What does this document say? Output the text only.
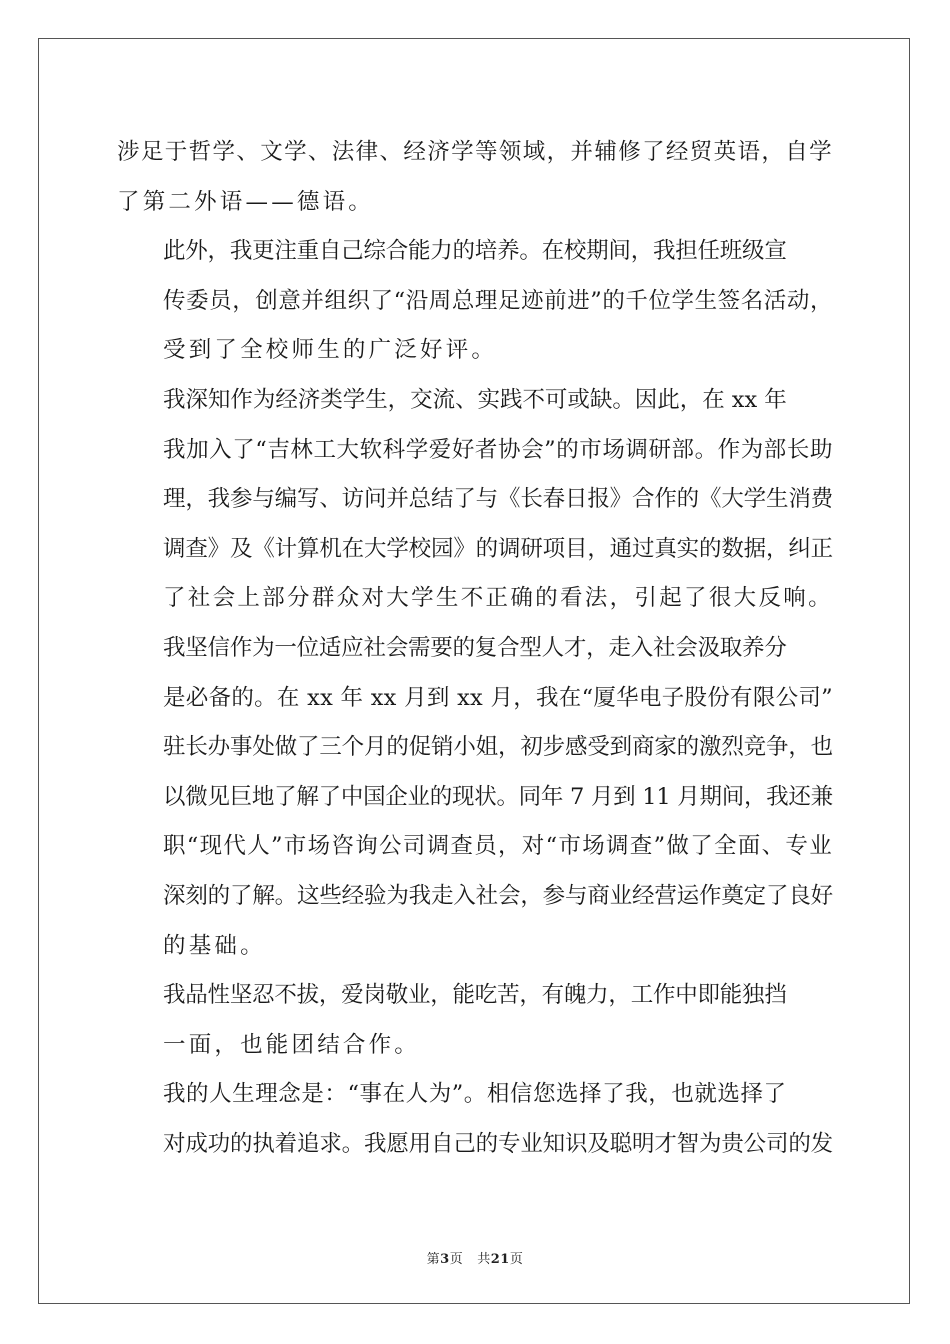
涉足于哲学、文学、法律、经济学等领域，并辅修了经贸英语，自学
了第二外语——德语。
此外，我更注重自己综合能力的培养。在校期间，我担任班级宣
传委员，创意并组织了“沿周总理足迹前进”的千位学生签名活动，
受到了全校师生的广泛好评。
我深知作为经济类学生，交流、实践不可或缺。因此，在 xx 年
我加入了“吉林工大软科学爱好者协会”的市场调研部。作为部长助
理，我参与编写、访问并总结了与《长春日报》合作的《大学生消费
调查》及《计算机在大学校园》的调研项目，通过真实的数据，纠正
了社会上部分群众对大学生不正确的看法，引起了很大反响。
我坚信作为一位适应社会需要的复合型人才，走入社会汲取养分
是必备的。在 xx 年 xx 月到 xx 月，我在“厦华电子股份有限公司”
驻长办事处做了三个月的促销小姐，初步感受到商家的激烈竞争，也
以微见巨地了解了中国企业的现状。同年 7 月到 11 月期间，我还兼
职“现代人”市场咨询公司调查员，对“市场调查”做了全面、专业
深刻的了解。这些经验为我走入社会，参与商业经营运作奠定了良好
的基础。
我品性坚忍不拔，爱岗敬业，能吃苦，有魄力，工作中即能独挡
一面，也能团结合作。
我的人生理念是：“事在人为”。相信您选择了我，也就选择了
对成功的执着追求。我愿用自己的专业知识及聪明才智为贵公司的发
第3页 共21页
